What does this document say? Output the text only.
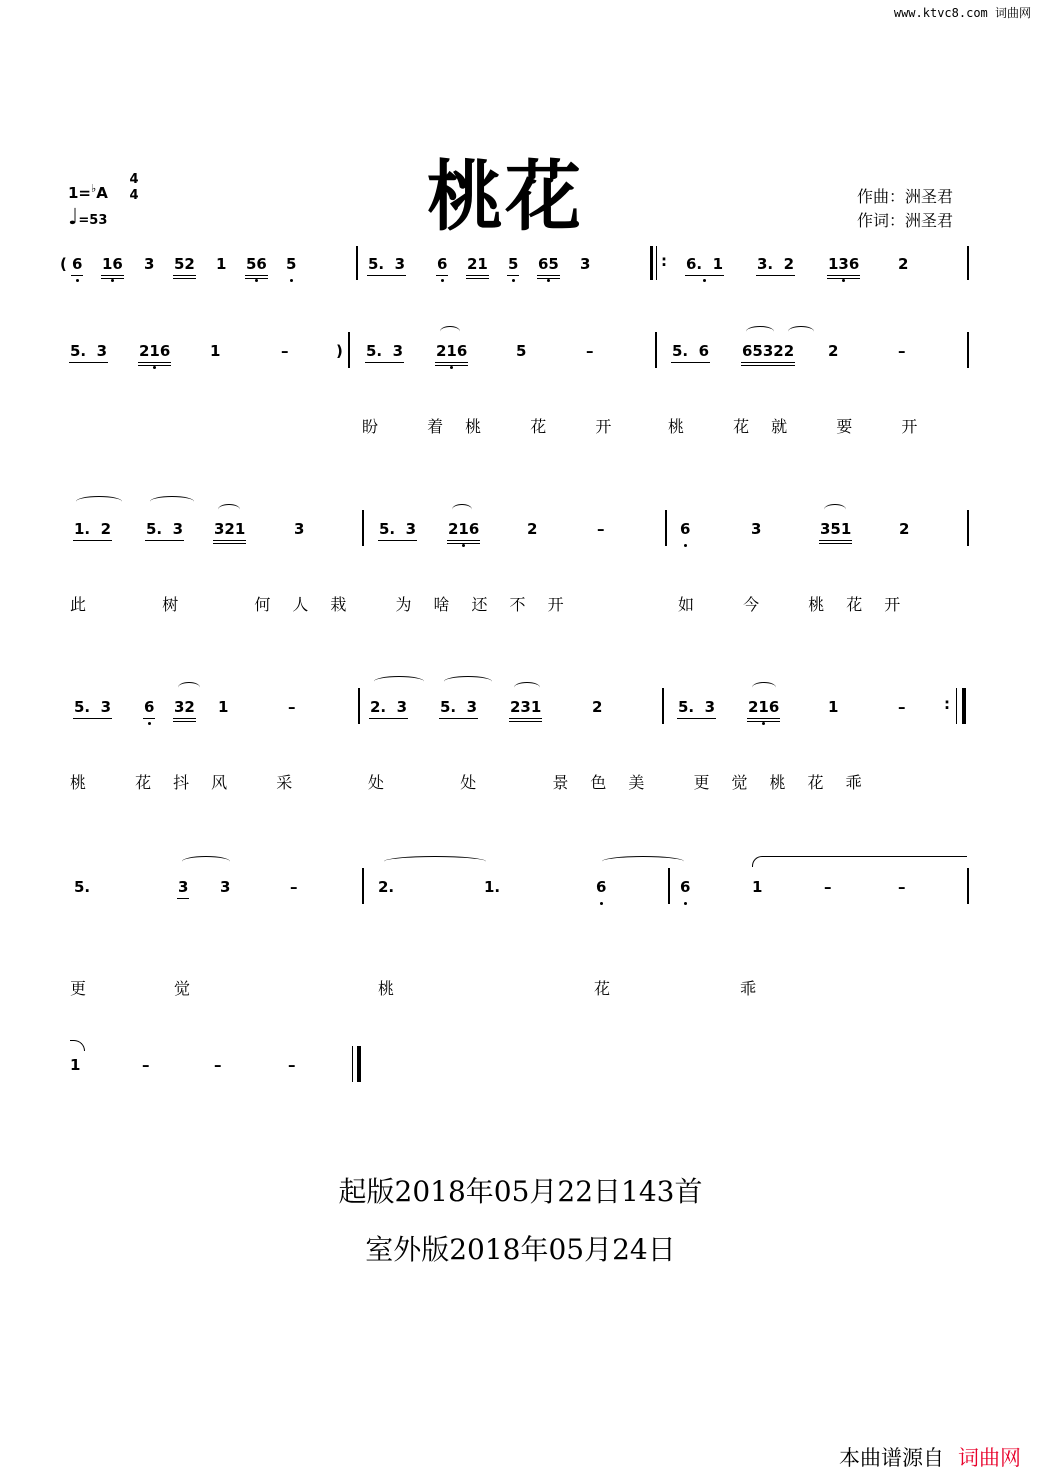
www.ktvc8.com 词曲网
桃花
1=♭A
4
4
♩=53
作曲：洲圣君
作词：洲圣君
( 6 16 3 52 1 56 5	5.  3 6 21 5 65 3	: 6.  1 3.  2 136	2
5.  3 216	1	–	) 5.  3 216	5	–	5.  6 65322 2	–
盼 着桃 花 开 桃 花就 要 开
1.  2 5.  3 321	3	5.  3 216	2	–	6	3	351	2
此	树	何人栽 为啥还不开	如 今 桃花开
5.  3 6 32 1	–	2.  3 5.  3 231	2	5.  3 216	1	–	:
桃 花抖风 采	处	处	景色美 更觉桃花乖
5.	3 3	–	2.	1.	6	6	1	–	–
更	觉	桃	花	乖
1	–	–	–
起版2018年05月22日143首
室外版2018年05月24日
本曲谱源自 词曲网
